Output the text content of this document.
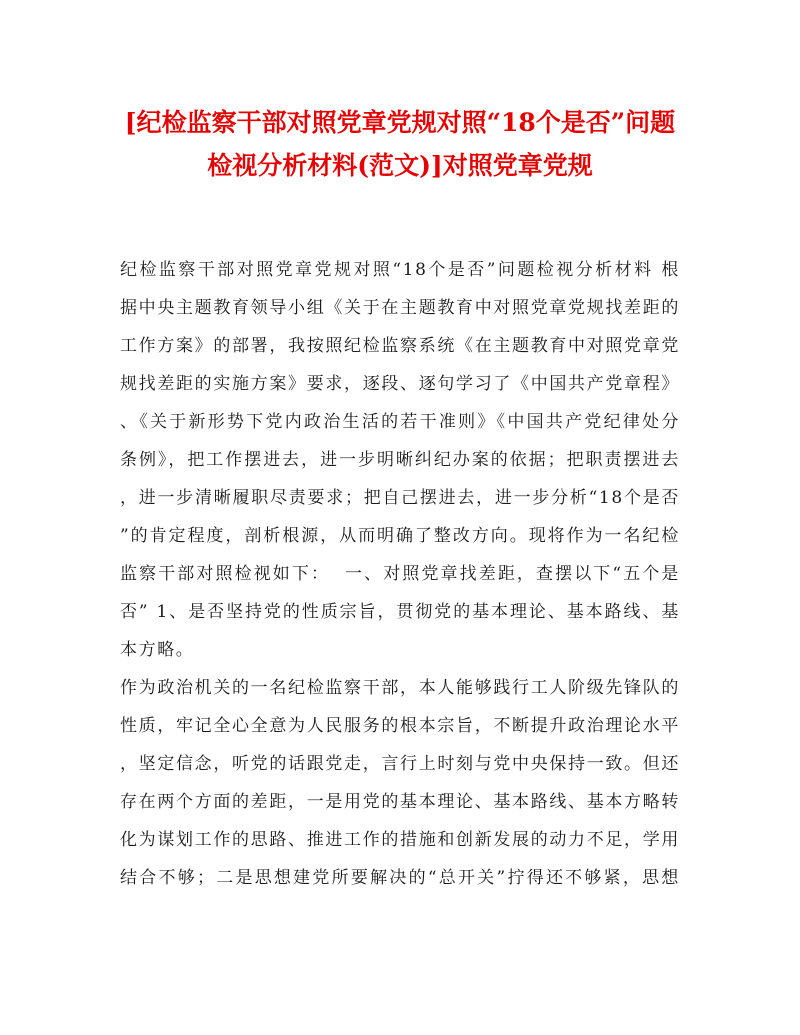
[纪检监察干部对照党章党规对照“18个是否”问题
检视分析材料(范文)]对照党章党规
纪检监察干部对照党章党规对照“18个是否”问题检视分析材料 根
据中央主题教育领导小组《关于在主题教育中对照党章党规找差距的
工作方案》的部署，我按照纪检监察系统《在主题教育中对照党章党
规找差距的实施方案》要求，逐段、逐句学习了《中国共产党章程》
、《关于新形势下党内政治生活的若干准则》《中国共产党纪律处分
条例》，把工作摆进去，进一步明晰纠纪办案的依据；把职责摆进去
，进一步清晰履职尽责要求；把自己摆进去，进一步分析“18个是否
”的肯定程度，剖析根源，从而明确了整改方向。现将作为一名纪检
监察干部对照检视如下：  一、对照党章找差距，查摆以下“五个是
否” 1、是否坚持党的性质宗旨，贯彻党的基本理论、基本路线、基
本方略。
作为政治机关的一名纪检监察干部，本人能够践行工人阶级先锋队的
性质，牢记全心全意为人民服务的根本宗旨，不断提升政治理论水平
，坚定信念，听党的话跟党走，言行上时刻与党中央保持一致。但还
存在两个方面的差距，一是用党的基本理论、基本路线、基本方略转
化为谋划工作的思路、推进工作的措施和创新发展的动力不足，学用
结合不够；二是思想建党所要解决的“总开关”拧得还不够紧，思想
